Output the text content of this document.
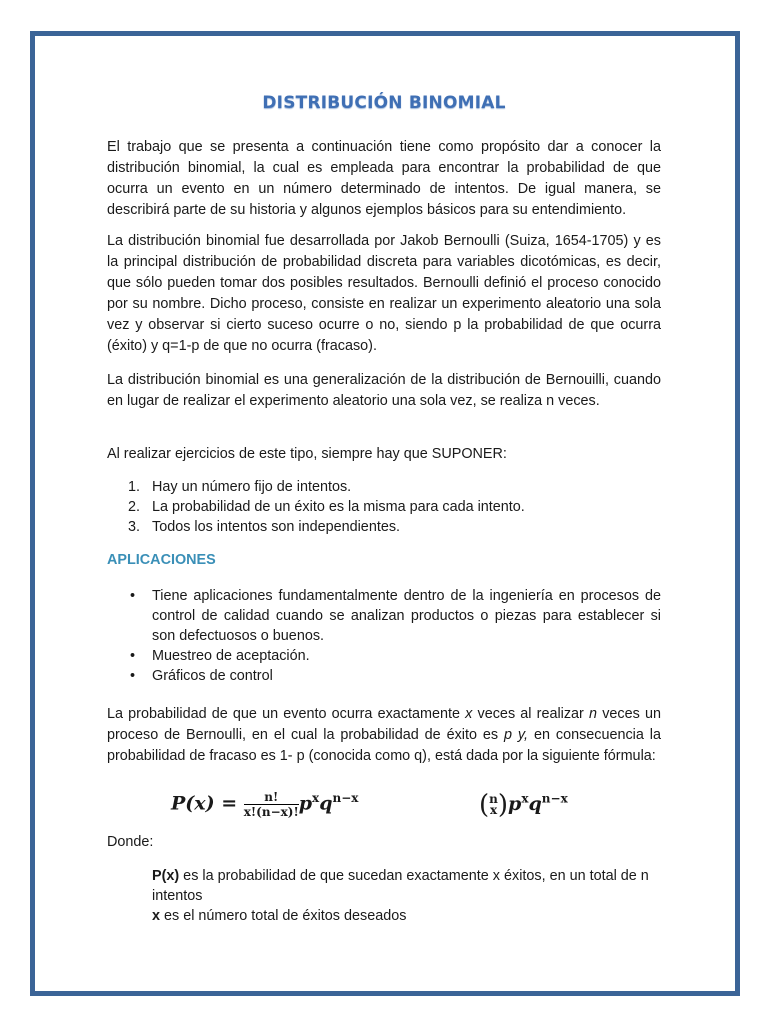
DISTRIBUCIÓN BINOMIAL

El trabajo que se presenta a continuación tiene como propósito dar a conocer la distribución binomial, la cual es empleada para encontrar la probabilidad de que ocurra un evento en un número determinado de intentos. De igual manera, se describirá parte de su historia y algunos ejemplos básicos para su entendimiento.

La distribución binomial fue desarrollada por Jakob Bernoulli (Suiza, 1654-1705) y es la principal distribución de probabilidad discreta para variables dicotómicas, es decir, que sólo pueden tomar dos posibles resultados. Bernoulli definió el proceso conocido por su nombre. Dicho proceso, consiste en realizar un experimento aleatorio una sola vez y observar si cierto suceso ocurre o no, siendo p la probabilidad de que ocurra (éxito) y q=1-p de que no ocurra (fracaso).

La distribución binomial es una generalización de la distribución de Bernouilli, cuando en lugar de realizar el experimento aleatorio una sola vez, se realiza n veces.

Al realizar ejercicios de este tipo, siempre hay que SUPONER:

1. Hay un número fijo de intentos.
2. La probabilidad de un éxito es la misma para cada intento.
3. Todos los intentos son independientes.
APLICACIONES
• Tiene aplicaciones fundamentalmente dentro de la ingeniería en procesos de control de calidad cuando se analizan productos o piezas para establecer si son defectuosos o buenos.
• Muestreo de aceptación.
• Gráficos de control

La probabilidad de que un evento ocurra exactamente x veces al realizar n veces un proceso de Bernoulli, en el cual la probabilidad de éxito es p y, en consecuencia la probabilidad de fracaso es 1- p (conocida como q), está dada por la siguiente fórmula:

$P(x) = \frac{n!}{x!(n-x)!} p^xq^{n-x}$	( n
x )$p^xq^{n-x}$

Donde:

P(x) es la probabilidad de que sucedan exactamente x éxitos, en un total de n intentos
x es el número total de éxitos deseados
